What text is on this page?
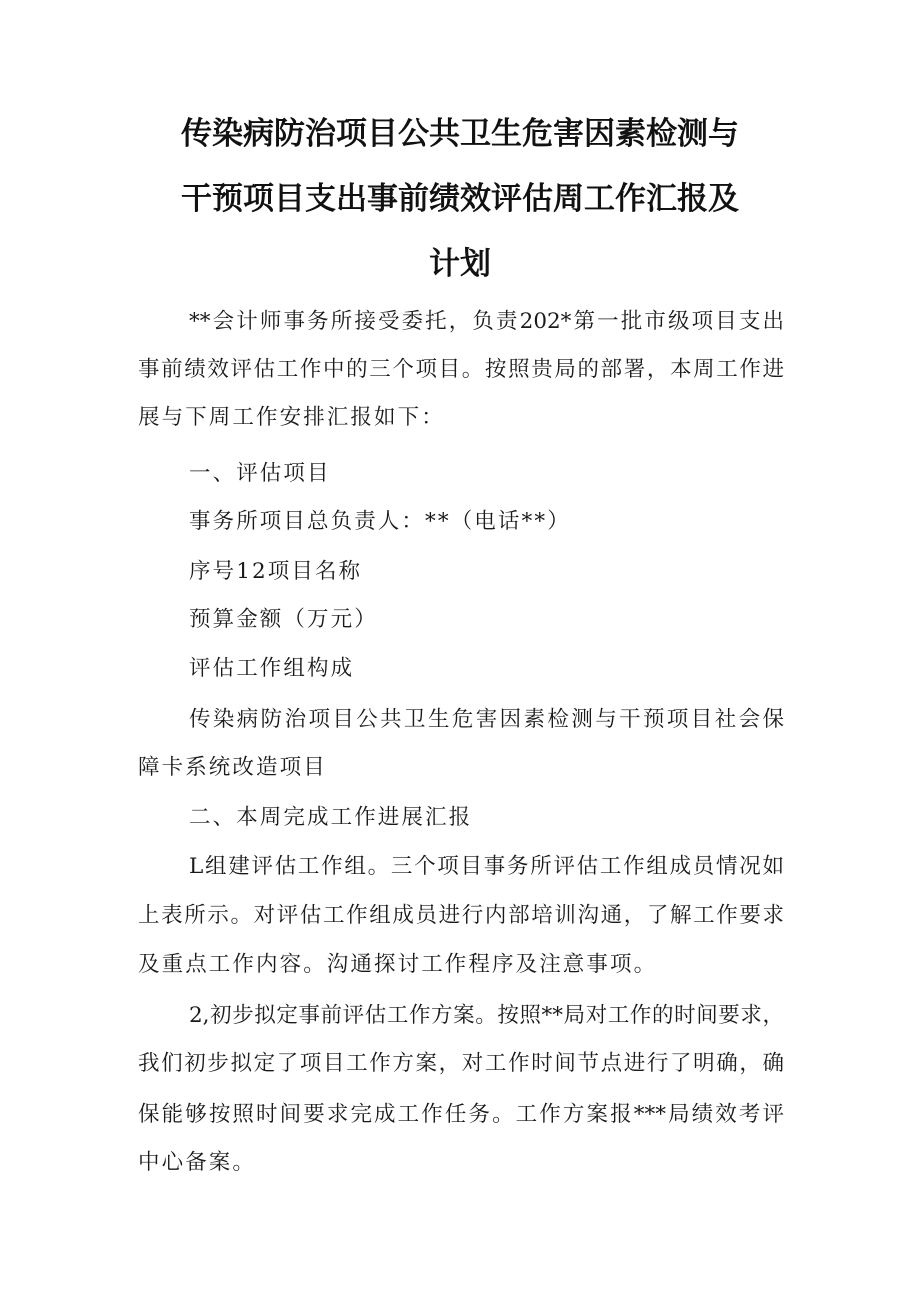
传染病防治项目公共卫生危害因素检测与
干预项目支出事前绩效评估周工作汇报及
计划
**会计师事务所接受委托，负责202*第一批市级项目支出
事前绩效评估工作中的三个项目。按照贵局的部署，本周工作进
展与下周工作安排汇报如下：
一、评估项目
事务所项目总负责人：**（电话**）
序号12项目名称
预算金额（万元）
评估工作组构成
传染病防治项目公共卫生危害因素检测与干预项目社会保
障卡系统改造项目
二、本周完成工作进展汇报
L组建评估工作组。三个项目事务所评估工作组成员情况如
上表所示。对评估工作组成员进行内部培训沟通，了解工作要求
及重点工作内容。沟通探讨工作程序及注意事项。
2,初步拟定事前评估工作方案。按照**局对工作的时间要求，
我们初步拟定了项目工作方案，对工作时间节点进行了明确，确
保能够按照时间要求完成工作任务。工作方案报***局绩效考评
中心备案。
